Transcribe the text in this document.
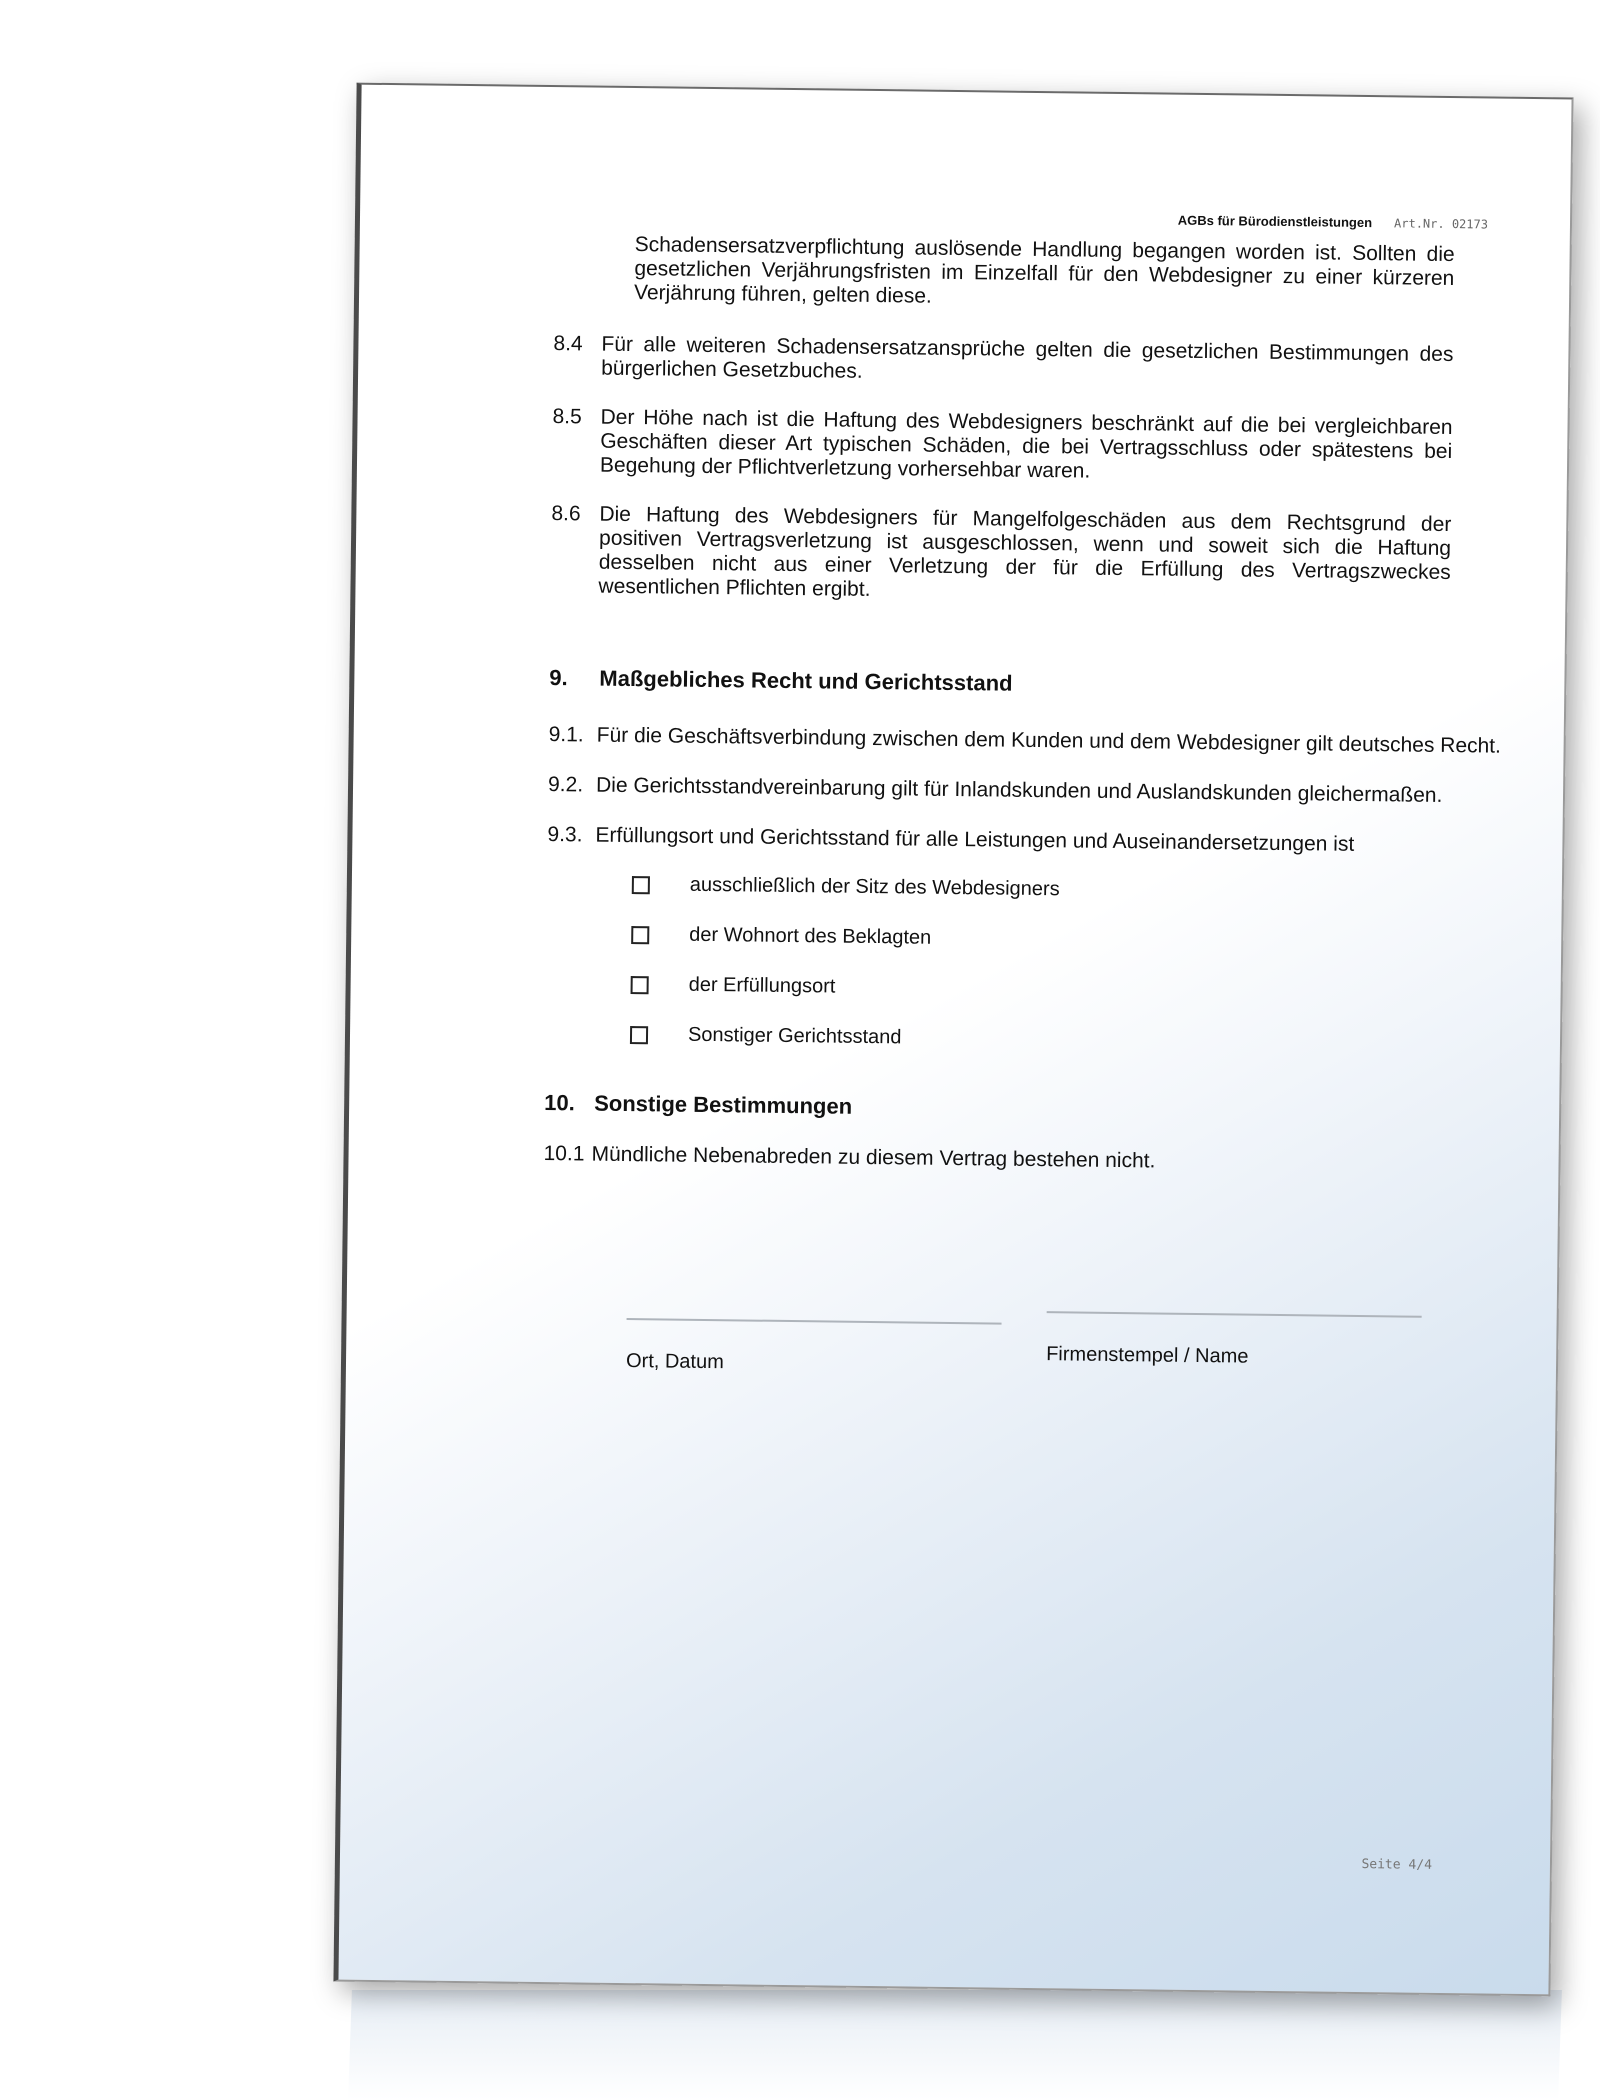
AGBs für Bürodienstleistungen Art.Nr. 02173
Schadensersatzverpflichtung auslösende Handlung begangen worden ist. Sollten die gesetzlichen Verjährungsfristen im Einzelfall für den Webdesigner zu einer kürzeren Verjährung führen, gelten diese.
8.4 Für alle weiteren Schadensersatzansprüche gelten die gesetzlichen Bestimmungen des bürgerlichen Gesetzbuches.
8.5 Der Höhe nach ist die Haftung des Webdesigners beschränkt auf die bei vergleichbaren Geschäften dieser Art typischen Schäden, die bei Vertragsschluss oder spätestens bei Begehung der Pflichtverletzung vorhersehbar waren.
8.6 Die Haftung des Webdesigners für Mangelfolgeschäden aus dem Rechtsgrund der positiven Vertragsverletzung ist ausgeschlossen, wenn und soweit sich die Haftung desselben nicht aus einer Verletzung der für die Erfüllung des Vertragszweckes wesentlichen Pflichten ergibt.
9. Maßgebliches Recht und Gerichtsstand
9.1. Für die Geschäftsverbindung zwischen dem Kunden und dem Webdesigner gilt deutsches Recht.
9.2. Die Gerichtsstandvereinbarung gilt für Inlandskunden und Auslandskunden gleichermaßen.
9.3. Erfüllungsort und Gerichtsstand für alle Leistungen und Auseinandersetzungen ist
ausschließlich der Sitz des Webdesigners
der Wohnort des Beklagten
der Erfüllungsort
Sonstiger Gerichtsstand
10. Sonstige Bestimmungen
10.1 Mündliche Nebenabreden zu diesem Vertrag bestehen nicht.
Ort, Datum	Firmenstempel / Name
Seite 4/4
